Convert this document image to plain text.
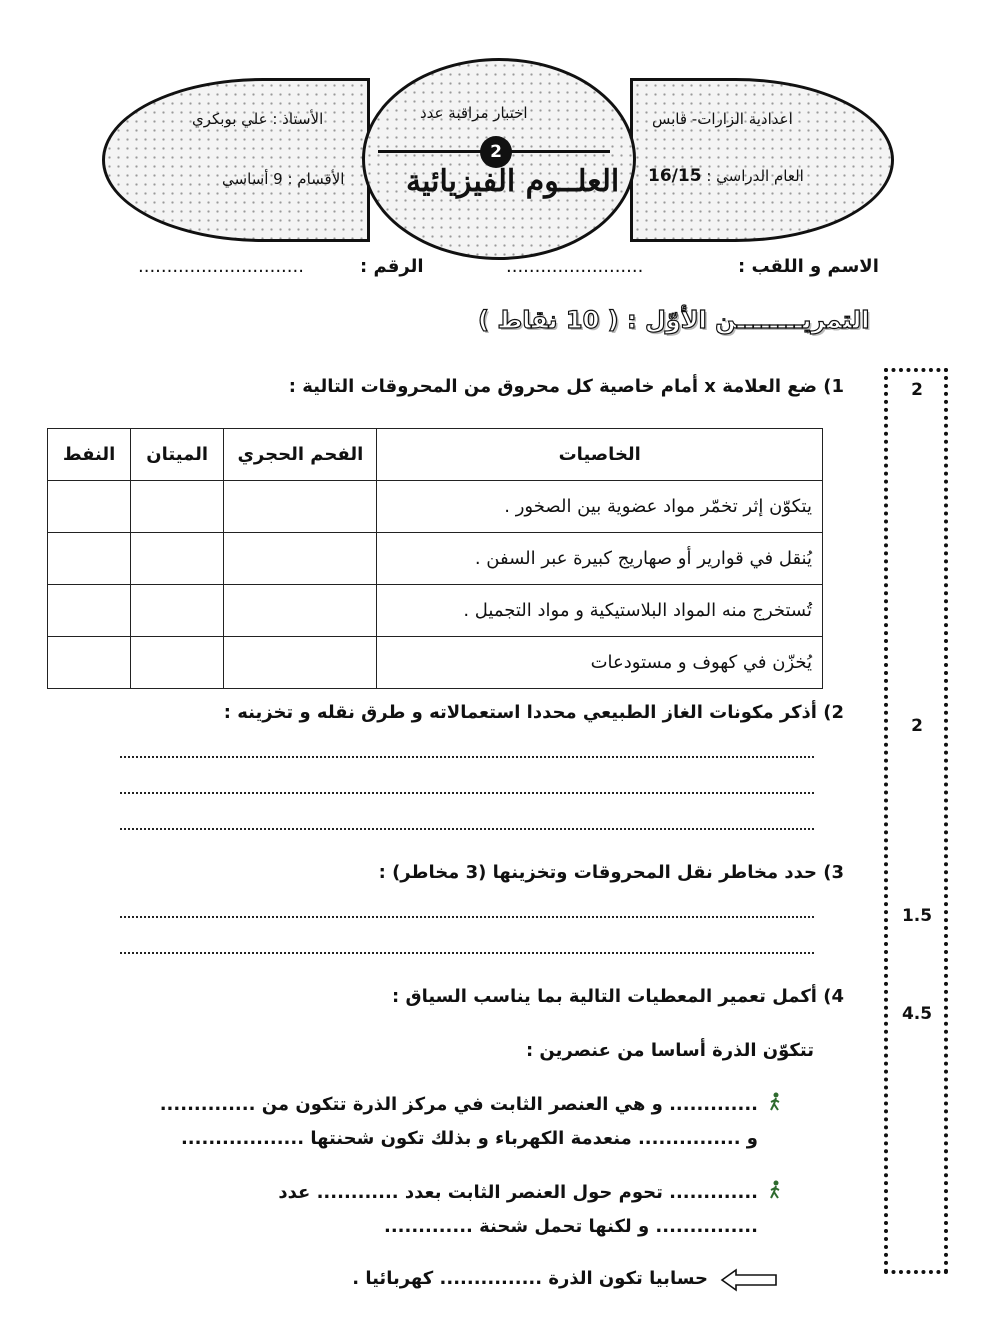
2
الأستاذ : علي بوبكري
الأقسام : 9 أساسي
اختبار مراقبة عدد
العلــوم الفيزيائية
اعدادية الزارات- قابس
16/15 العام الدراسي :
الاسم و اللقب :
........................
الرقم :
.............................
التمريــــــــن الأوّل : ( 10 نقاط )
2
2
1.5
4.5
1) ضع العلامة x أمام خاصية كل محروق من المحروقات التالية :
الخاصيات	الفحم الحجري	الميتان	النفط
يتكوّن إثر تخمّر مواد عضوية بين الصخور .			
يُنقل في قوارير أو صهاريج كبيرة عبر السفن .			
تُستخرج منه المواد البلاستيكية و مواد التجميل .			
يُخزّن في كهوف و مستودعات			
2) أذكر مكونات الغاز الطبيعي محددا استعمالاته و طرق نقله و تخزينه :
3) حدد مخاطر نقل المحروقات وتخزينها (3 مخاطر) :
4) أكمل تعمير المعطيات التالية بما يناسب السياق :
تتكوّن الذرة أساسا من عنصرين :
............. و هي العنصر الثابت في مركز الذرة تتكون من ..............
و ............... منعدمة الكهرباء و بذلك تكون شحنتها ..................
............. تحوم حول العنصر الثابت بعدد ............ عدد
............... و لكنها تحمل شحنة .............
حسابيا تكون الذرة ............... كهربائيا .
